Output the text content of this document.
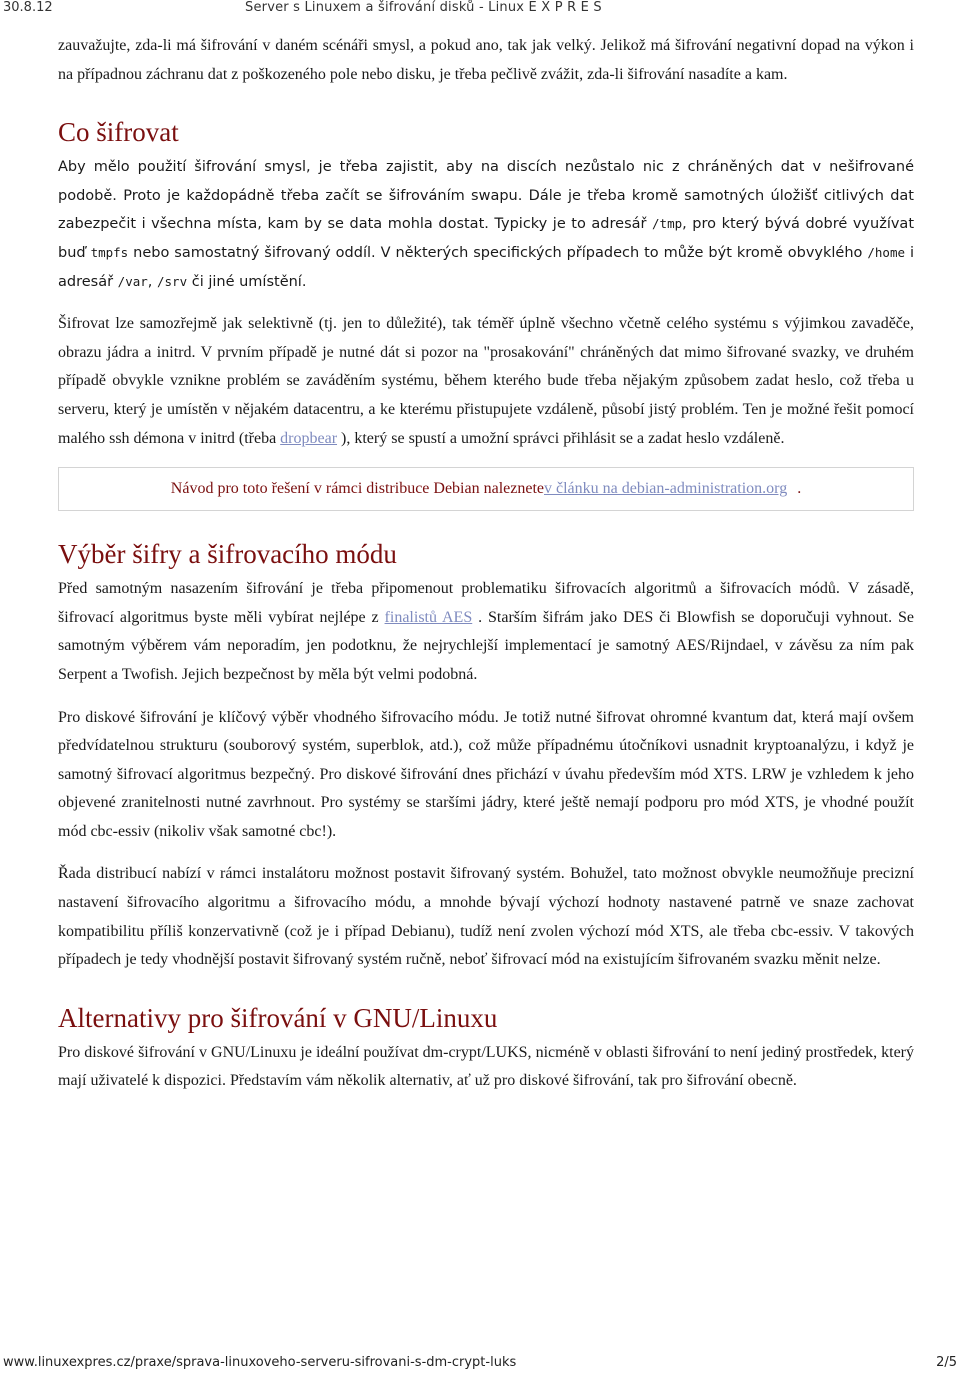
30.8.12	Server s Linuxem a šifrování disků - Linux E X P R E S

zauvažujte, zda-li má šifrování v daném scénáři smysl, a pokud ano, tak jak velký. Jelikož má šifrování negativní dopad na výkon i na případnou záchranu dat z poškozeného pole nebo disku, je třeba pečlivě zvážit, zda-li šifrování nasadíte a kam.

Co šifrovat

Aby mělo použití šifrování smysl, je třeba zajistit, aby na discích nezůstalo nic z chráněných dat v nešifrované podobě. Proto je každopádně třeba začít se šifrováním swapu. Dále je třeba kromě samotných úložišť citlivých dat zabezpečit i všechna místa, kam by se data mohla dostat. Typicky je to adresář /tmp, pro který bývá dobré využívat buď tmpfs nebo samostatný šifrovaný oddíl. V některých specifických případech to může být kromě obvyklého /home i adresář /var, /srv či jiné umístění.

Šifrovat lze samozřejmě jak selektivně (tj. jen to důležité), tak téměř úplně všechno včetně celého systému s výjimkou zavaděče, obrazu jádra a initrd. V prvním případě je nutné dát si pozor na "prosakování" chráněných dat mimo šifrované svazky, ve druhém případě obvykle vznikne problém se zaváděním systému, během kterého bude třeba nějakým způsobem zadat heslo, což třeba u serveru, který je umístěn v nějakém datacentru, a ke kterému přistupujete vzdáleně, působí jistý problém. Ten je možné řešit pomocí malého ssh démona v initrd (třeba dropbear ), který se spustí a umožní správci přihlásit se a zadat heslo vzdáleně.

Návod pro toto řešení v rámci distribuce Debian naleznete v článku na debian-administration.org .
Výběr šifry a šifrovacího módu

Před samotným nasazením šifrování je třeba připomenout problematiku šifrovacích algoritmů a šifrovacích módů. V zásadě, šifrovací algoritmus byste měli vybírat nejlépe z finalistů AES . Starším šifrám jako DES či Blowfish se doporučuji vyhnout. Se samotným výběrem vám neporadím, jen podotknu, že nejrychlejší implementací je samotný AES/Rijndael, v závěsu za ním pak Serpent a Twofish. Jejich bezpečnost by měla být velmi podobná.

Pro diskové šifrování je klíčový výběr vhodného šifrovacího módu. Je totiž nutné šifrovat ohromné kvantum dat, která mají ovšem předvídatelnou strukturu (souborový systém, superblok, atd.), což může případnému útočníkovi usnadnit kryptoanalýzu, i když je samotný šifrovací algoritmus bezpečný. Pro diskové šifrování dnes přichází v úvahu především mód XTS. LRW je vzhledem k jeho objevené zranitelnosti nutné zavrhnout. Pro systémy se staršími jádry, které ještě nemají podporu pro mód XTS, je vhodné použít mód cbc-essiv (nikoliv však samotné cbc!).

Řada distribucí nabízí v rámci instalátoru možnost postavit šifrovaný systém. Bohužel, tato možnost obvykle neumožňuje precizní nastavení šifrovacího algoritmu a šifrovacího módu, a mnohde bývají výchozí hodnoty nastavené patrně ve snaze zachovat kompatibilitu příliš konzervativně (což je i případ Debianu), tudíž není zvolen výchozí mód XTS, ale třeba cbc-essiv. V takových případech je tedy vhodnější postavit šifrovaný systém ručně, neboť šifrovací mód na existujícím šifrovaném svazku měnit nelze.

Alternativy pro šifrování v GNU/Linuxu

Pro diskové šifrování v GNU/Linuxu je ideální používat dm-crypt/LUKS, nicméně v oblasti šifrování to není jediný prostředek, který mají uživatelé k dispozici. Představím vám několik alternativ, ať už pro diskové šifrování, tak pro šifrování obecně.

www.linuxexpres.cz/praxe/sprava-linuxoveho-serveru-sifrovani-s-dm-crypt-luks	2/5
